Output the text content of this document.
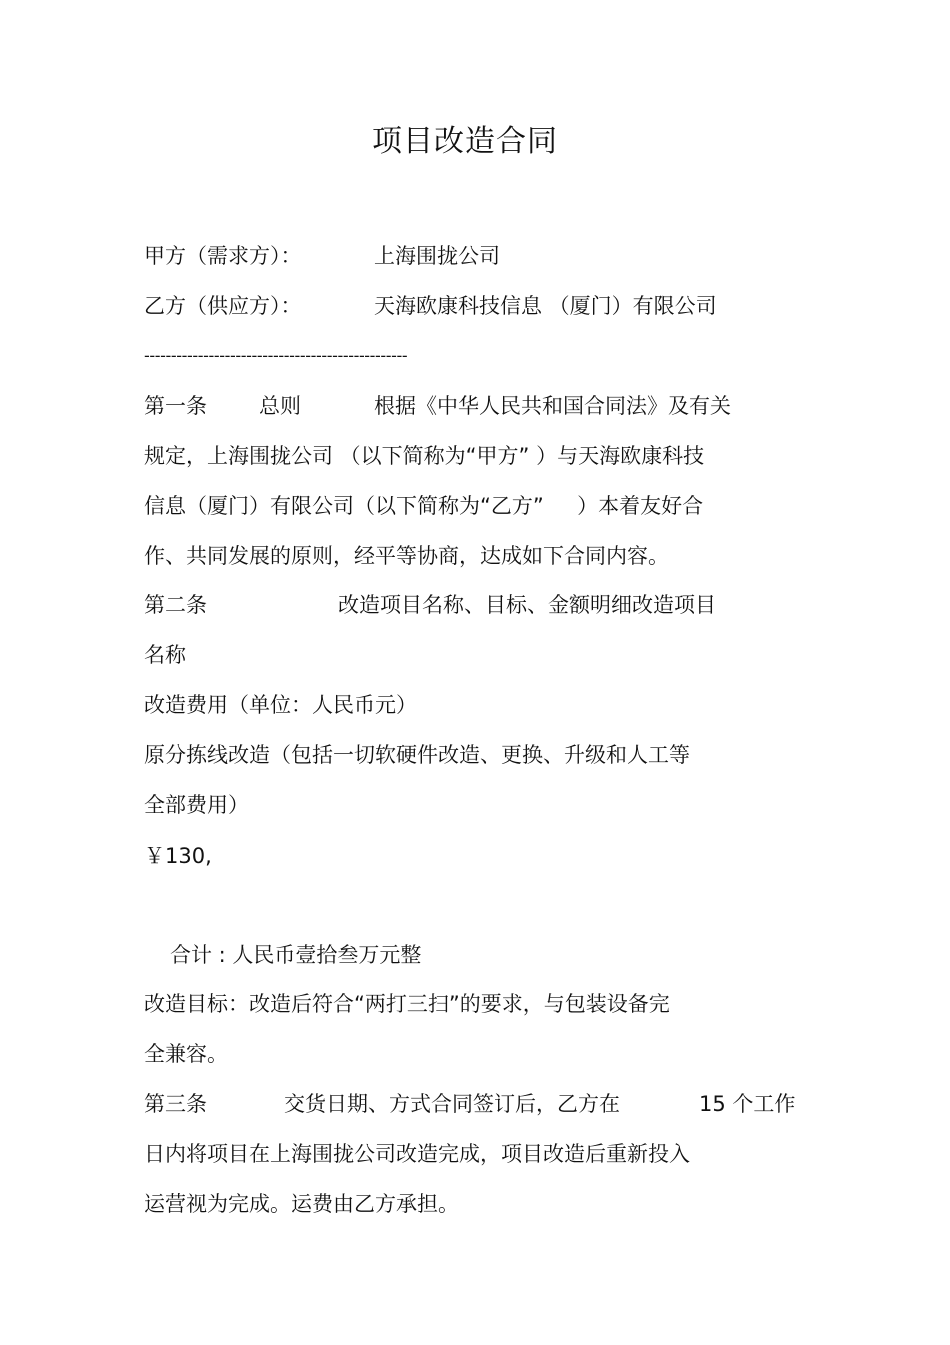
项目改造合同

甲方（需求方）：

	上海围拢公司

乙方（供应方）：

	天海欧康科技信息 （厦门）有限公司

-------------------------------------------------

第一条

总则

	根据《中华人民共和国合同法》及有关

规定，上海围拢公司 （以下简称为“甲方” ）与天海欧康科技
信息（厦门）有限公司（以下简称为“乙方”     ）本着友好合
作、共同发展的原则，经平等协商，达成如下合同内容。

第二条

	改造项目名称、目标、金额明细改造项目

名称
改造费用（单位：人民币元）
原分拣线改造（包括一切软硬件改造、更换、升级和人工等
全部费用）
￥130,
合计 : 人民币壹拾叁万元整
改造目标：改造后符合“两打三扫”的要求，与包装设备完
全兼容。

第三条

	交货日期、方式合同签订后，乙方在

	15 个工作

日内将项目在上海围拢公司改造完成，项目改造后重新投入
运营视为完成。运费由乙方承担。
